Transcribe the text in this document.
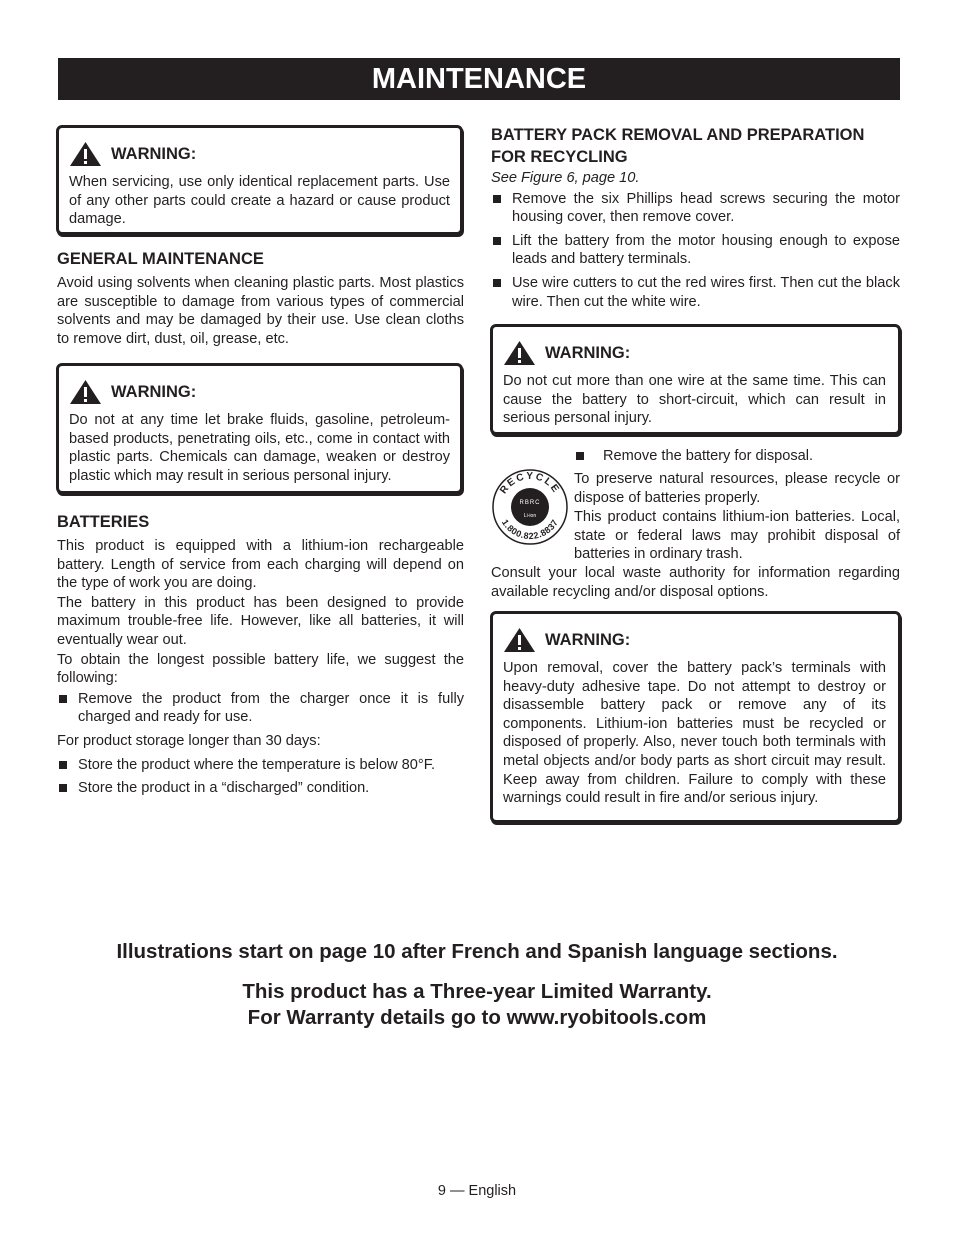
MAINTENANCE
WARNING:
When servicing, use only identical replacement parts. Use of any other parts could create a hazard or cause product damage.

GENERAL MAINTENANCE

Avoid using solvents when cleaning plastic parts. Most plastics are susceptible to damage from various types of commercial solvents and may be damaged by their use. Use clean cloths to remove dirt, dust, oil, grease, etc.

WARNING:
Do not at any time let brake fluids, gasoline, petroleum-based products, penetrating oils, etc., come in contact with plastic parts. Chemicals can damage, weaken or destroy plastic which may result in serious personal injury.

BATTERIES

This product is equipped with a lithium-ion rechargeable battery. Length of service from each charging will depend on the type of work you are doing.

The battery in this product has been designed to provide maximum trouble-free life. However, like all batteries, it will eventually wear out.

To obtain the longest possible battery life, we suggest the following:

Remove the product from the charger once it is fully charged and ready for use.

For product storage longer than 30 days:

Store the product where the temperature is below 80°F.
Store the product in a “discharged” condition.

BATTERY PACK REMOVAL AND PREPARATION FOR RECYCLING

See Figure 6, page 10.

Remove the six Phillips head screws securing the motor housing cover, then remove cover.
Lift the battery from the motor housing enough to expose leads and battery terminals.
Use wire cutters to cut the red wires first. Then cut the black wire. Then cut the white wire.
WARNING:
Do not cut more than one wire at the same time. This can cause the battery to short-circuit, which can result in serious personal injury.
RECYCLE
1.800.822.8837
RBRC
Li-ion
Remove the battery for disposal.

To preserve natural resources, please recycle or dispose of batteries properly.

This product contains lithium-ion batteries. Local, state or federal laws may prohibit disposal of batteries in ordinary trash.

Consult your local waste authority for information regarding available recycling and/or disposal options.

WARNING:
Upon removal, cover the battery pack’s terminals with heavy-duty adhesive tape. Do not attempt to destroy or disassemble battery pack or remove any of its components. Lithium-ion batteries must be recycled or disposed of properly. Also, never touch both terminals with metal objects and/or body parts as short circuit may result. Keep away from children. Failure to comply with these warnings could result in fire and/or serious injury.
Illustrations start on page 10 after French and Spanish language sections.
This product has a Three-year Limited Warranty.
For Warranty details go to www.ryobitools.com
9 — English
